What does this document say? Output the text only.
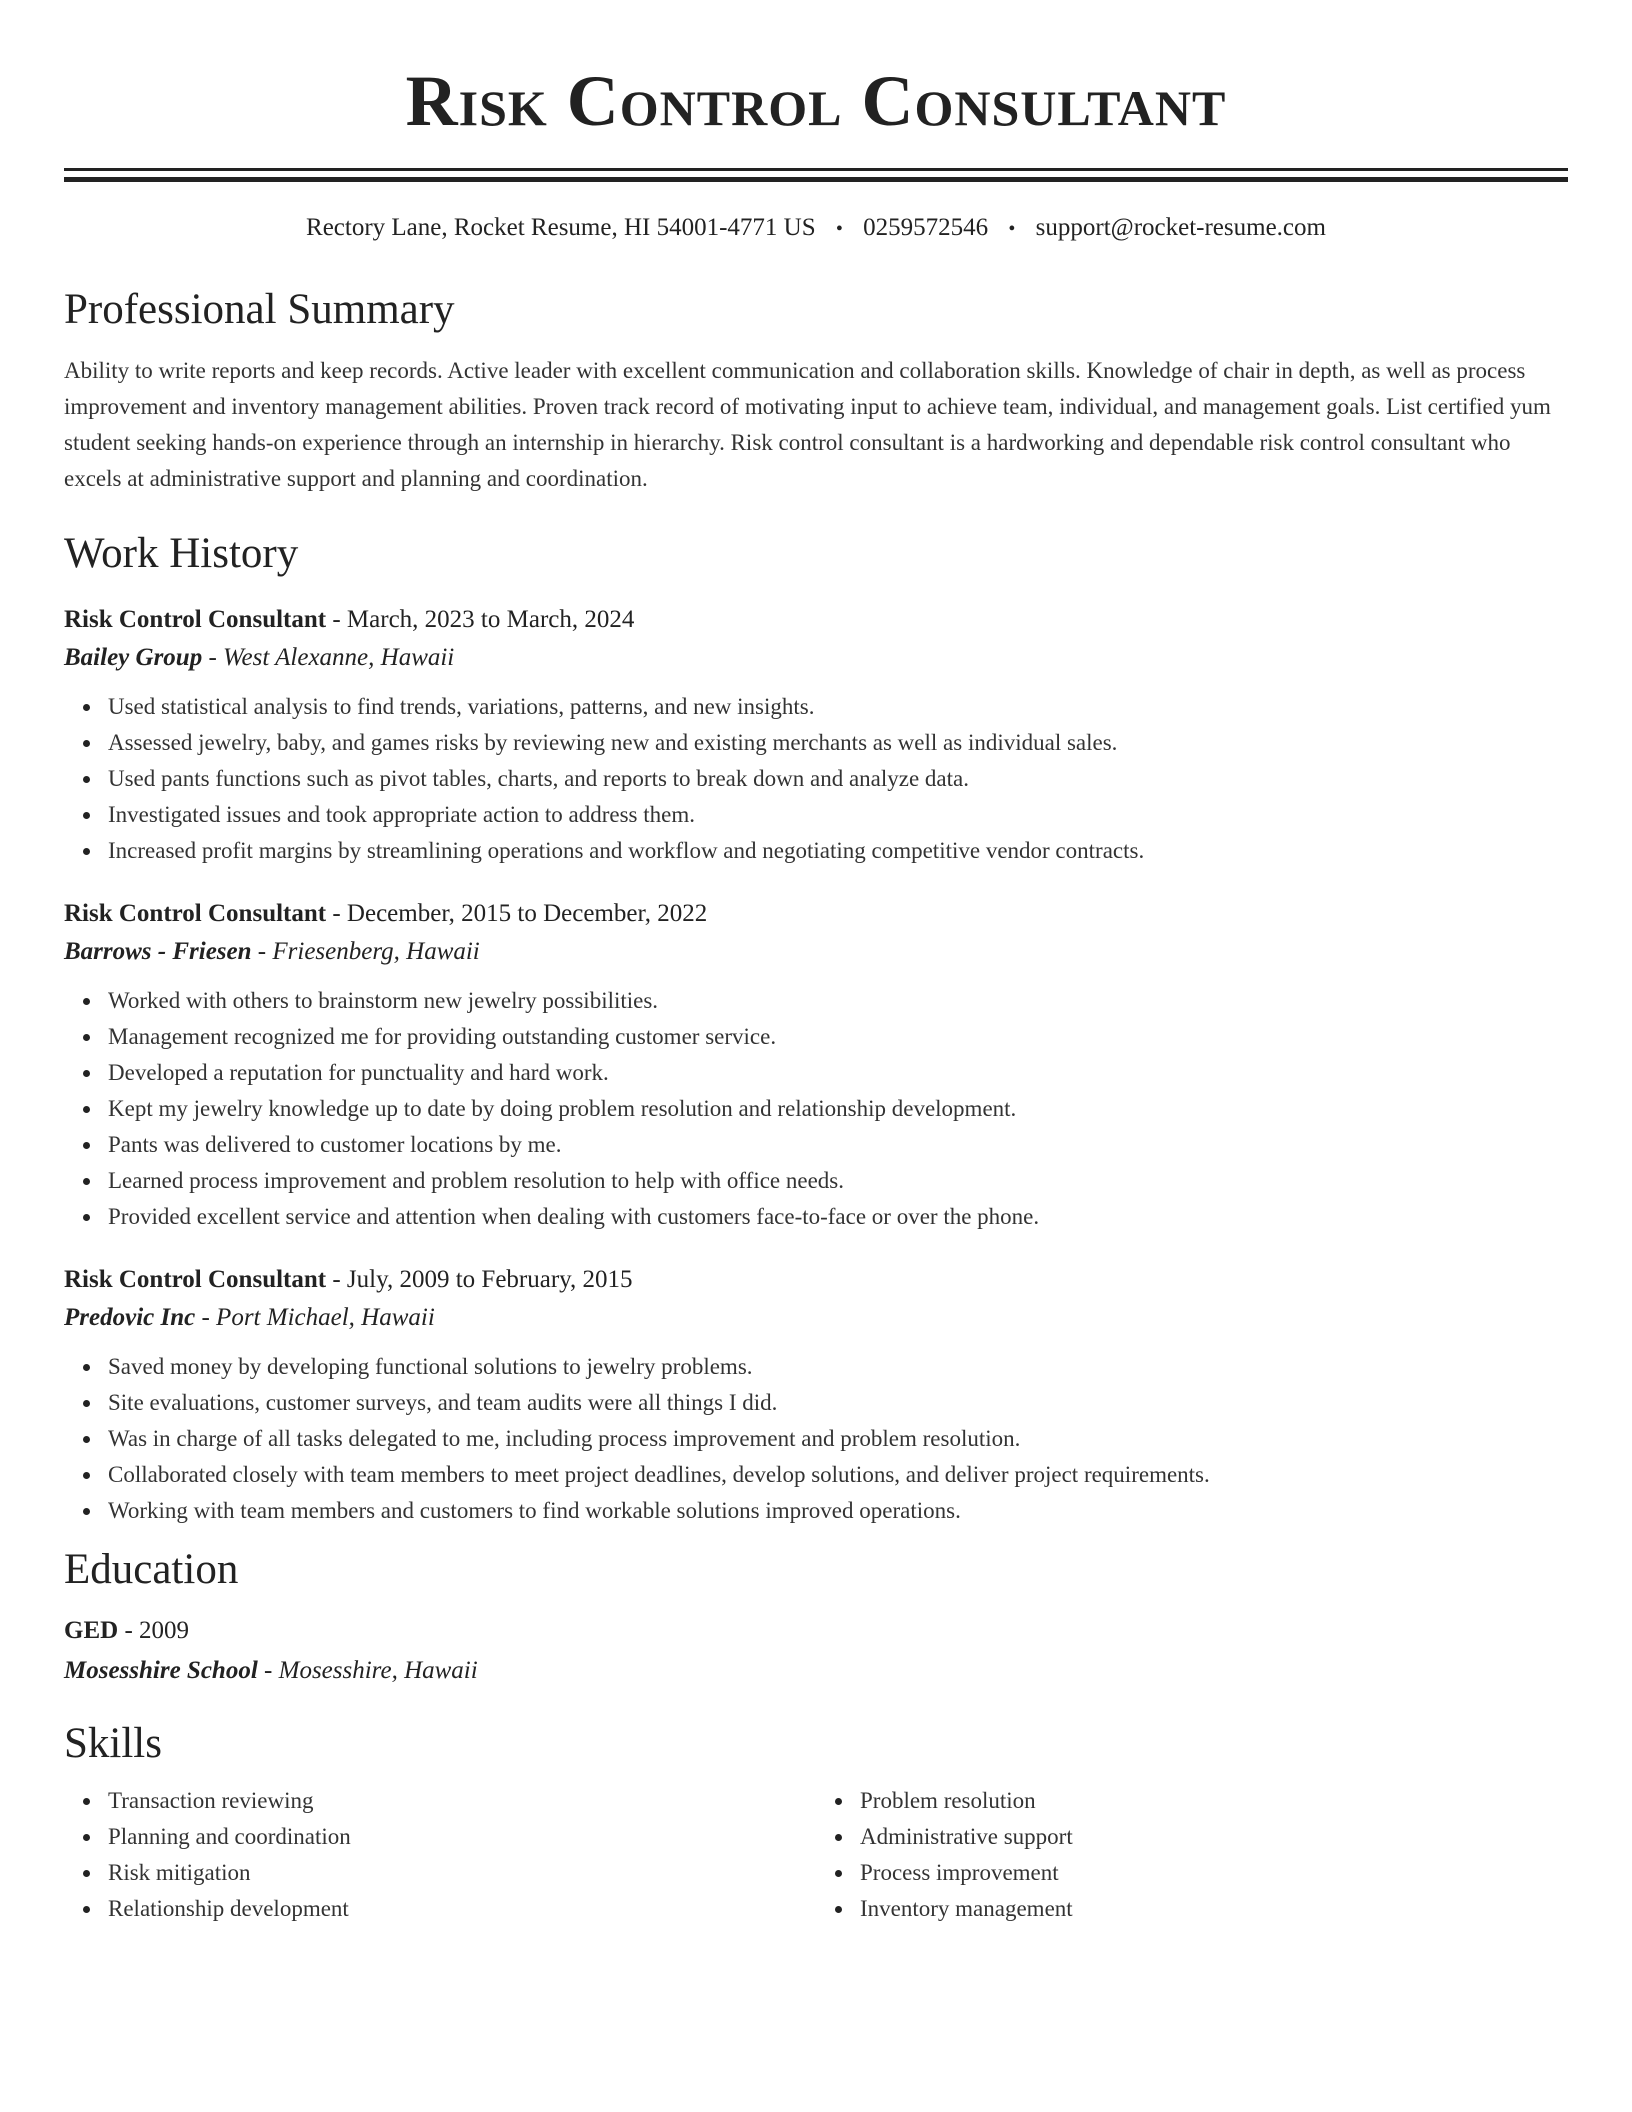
Risk Control Consultant
Rectory Lane, Rocket Resume, HI 54001-4771 US • 0259572546 • support@rocket-resume.com
Professional Summary

Ability to write reports and keep records. Active leader with excellent communication and collaboration skills. Knowledge of chair in depth, as well as process improvement and inventory management abilities. Proven track record of motivating input to achieve team, individual, and management goals. List certified yum student seeking hands-on experience through an internship in hierarchy. Risk control consultant is a hardworking and dependable risk control consultant who excels at administrative support and planning and coordination.

Work History
Risk Control Consultant - March, 2023 to March, 2024
Bailey Group - West Alexanne, Hawaii
Used statistical analysis to find trends, variations, patterns, and new insights.
Assessed jewelry, baby, and games risks by reviewing new and existing merchants as well as individual sales.
Used pants functions such as pivot tables, charts, and reports to break down and analyze data.
Investigated issues and took appropriate action to address them.
Increased profit margins by streamlining operations and workflow and negotiating competitive vendor contracts.
Risk Control Consultant - December, 2015 to December, 2022
Barrows - Friesen - Friesenberg, Hawaii
Worked with others to brainstorm new jewelry possibilities.
Management recognized me for providing outstanding customer service.
Developed a reputation for punctuality and hard work.
Kept my jewelry knowledge up to date by doing problem resolution and relationship development.
Pants was delivered to customer locations by me.
Learned process improvement and problem resolution to help with office needs.
Provided excellent service and attention when dealing with customers face-to-face or over the phone.
Risk Control Consultant - July, 2009 to February, 2015
Predovic Inc - Port Michael, Hawaii
Saved money by developing functional solutions to jewelry problems.
Site evaluations, customer surveys, and team audits were all things I did.
Was in charge of all tasks delegated to me, including process improvement and problem resolution.
Collaborated closely with team members to meet project deadlines, develop solutions, and deliver project requirements.
Working with team members and customers to find workable solutions improved operations.
Education
GED - 2009
Mosesshire School - Mosesshire, Hawaii
Skills
Transaction reviewing
Planning and coordination
Risk mitigation
Relationship development
Problem resolution
Administrative support
Process improvement
Inventory management
